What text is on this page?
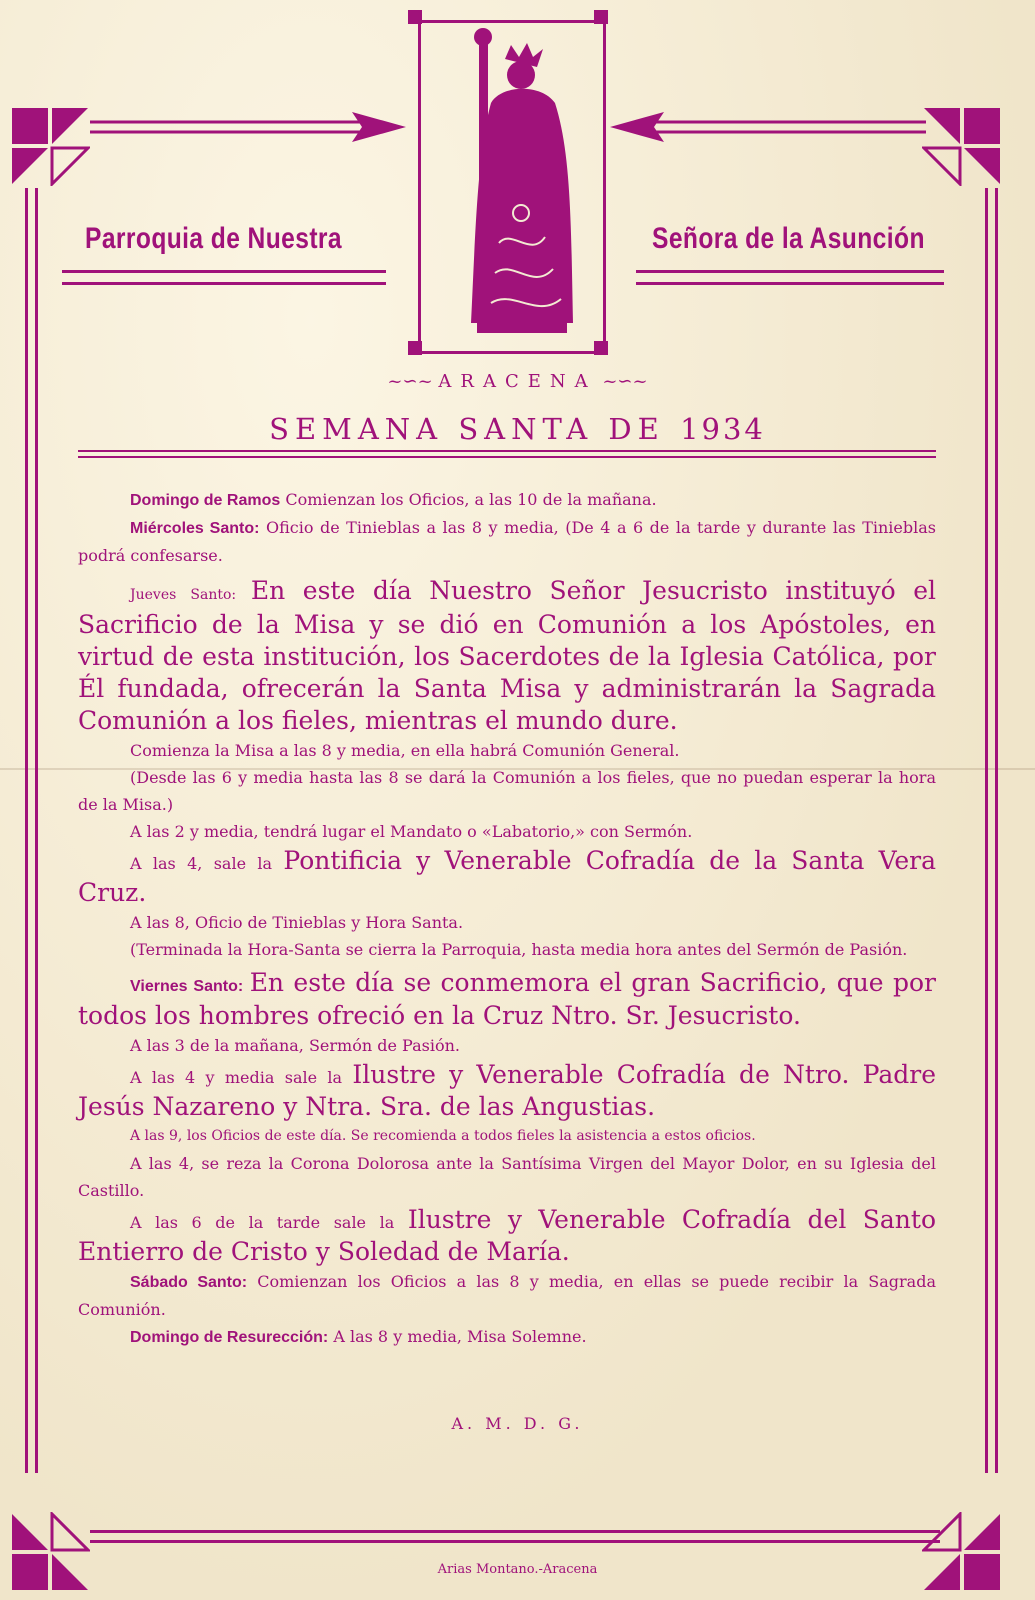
Parroquia de Nuestra	Señora de la Asunción
~∽~ ARACENA ~∽~
SEMANA SANTA DE 1934

Domingo de Ramos Comienzan los Oficios, a las 10 de la mañana.

Miércoles Santo: Oficio de Tinieblas a las 8 y media, (De 4 a 6 de la tarde y durante las Tinieblas podrá confesarse.

Jueves Santo: En este día Nuestro Señor Jesucristo instituyó el Sacrificio de la Misa y se dió en Comunión a los Apóstoles, en virtud de esta institución, los Sacerdotes de la Iglesia Católica, por Él fundada, ofrecerán la Santa Misa y administrarán la Sagrada Comunión a los fieles, mientras el mundo dure.

Comienza la Misa a las 8 y media, en ella habrá Comunión General.

(Desde las 6 y media hasta las 8 se dará la Comunión a los fieles, que no puedan esperar la hora de la Misa.)

A las 2 y media, tendrá lugar el Mandato o «Labatorio,» con Sermón.

A las 4, sale la Pontificia y Venerable Cofradía de la Santa Vera Cruz.

A las 8, Oficio de Tinieblas y Hora Santa.

(Terminada la Hora-Santa se cierra la Parroquia, hasta media hora antes del Sermón de Pasión.

Viernes Santo: En este día se conmemora el gran Sacrificio, que por todos los hombres ofreció en la Cruz Ntro. Sr. Jesucristo.

A las 3 de la mañana, Sermón de Pasión.

A las 4 y media sale la Ilustre y Venerable Cofradía de Ntro. Padre Jesús Nazareno y Ntra. Sra. de las Angustias.

A las 9, los Oficios de este día. Se recomienda a todos fieles la asistencia a estos oficios.

A las 4, se reza la Corona Dolorosa ante la Santísima Virgen del Mayor Dolor, en su Iglesia del Castillo.

A las 6 de la tarde sale la Ilustre y Venerable Cofradía del Santo Entierro de Cristo y Soledad de María.

Sábado Santo: Comienzan los Oficios a las 8 y media, en ellas se puede recibir la Sagrada Comunión.

Domingo de Resurección: A las 8 y media, Misa Solemne.

A. M. D. G.
Arias Montano.-Aracena
